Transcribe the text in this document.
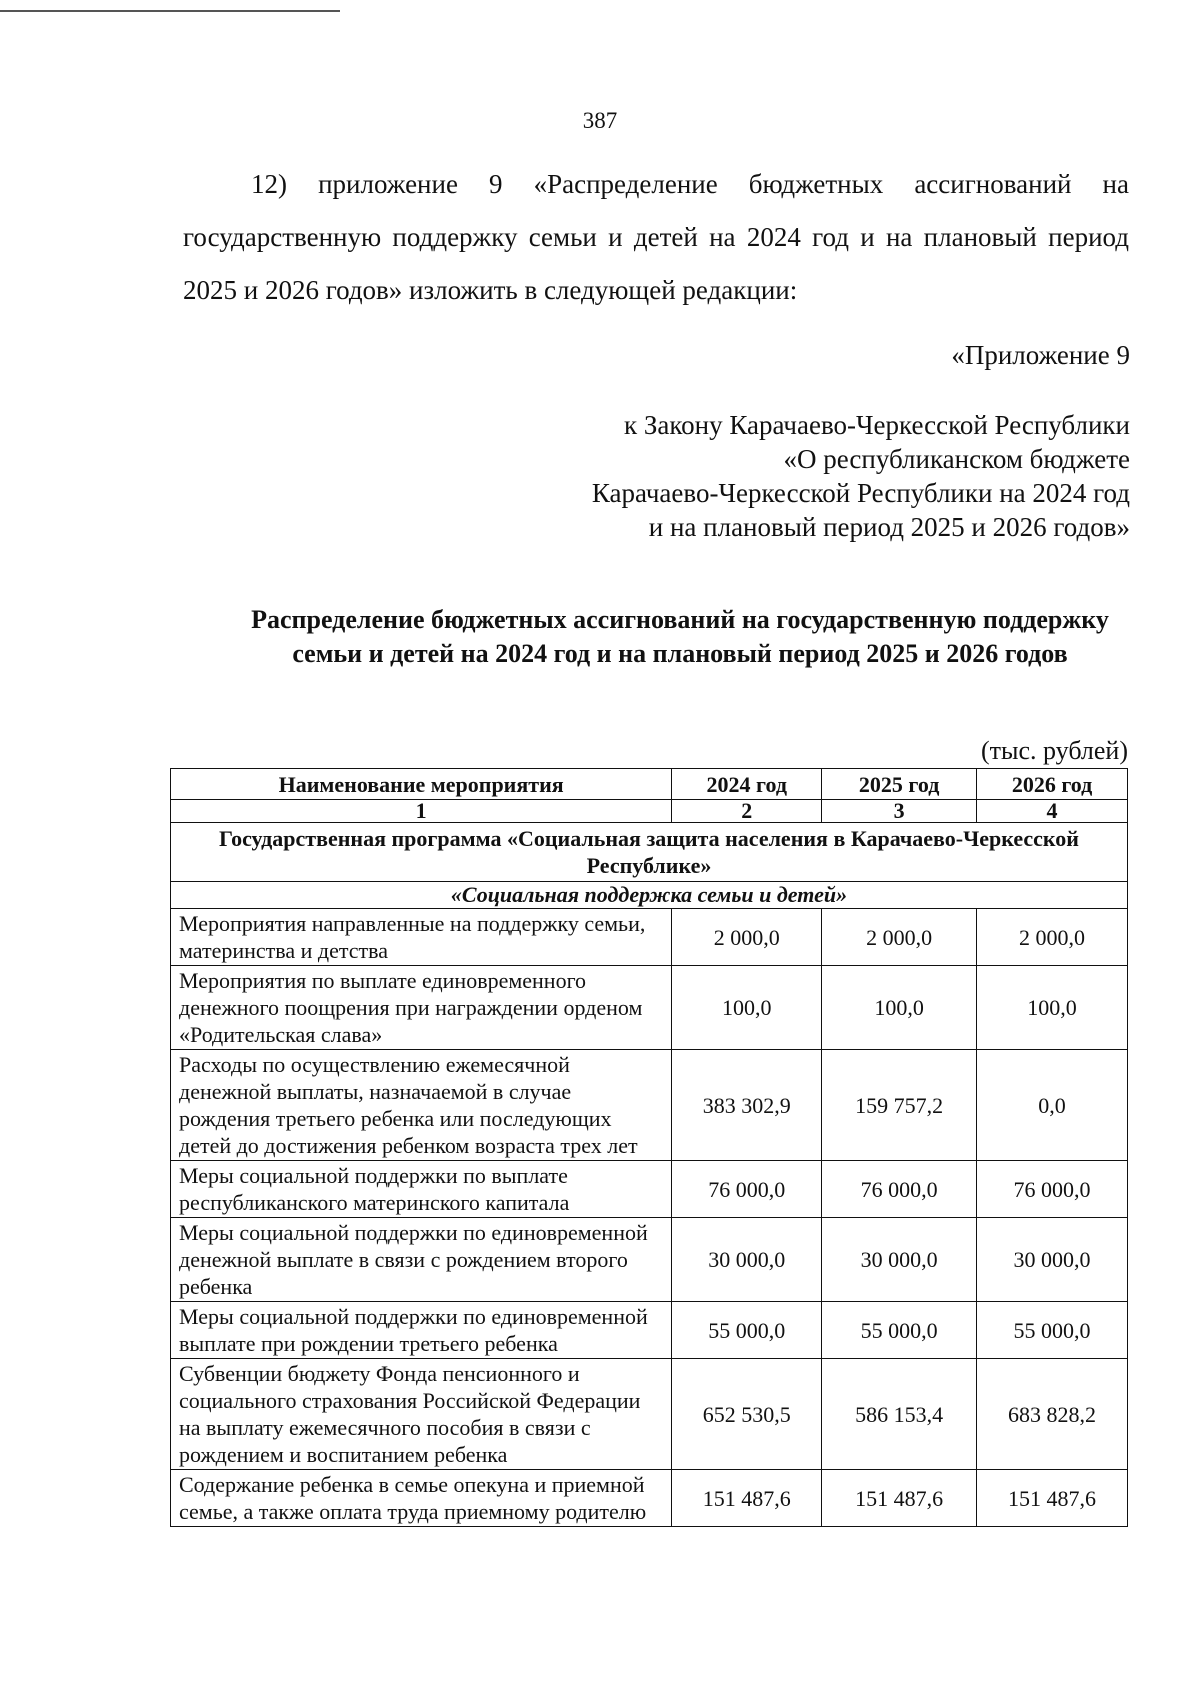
387

12) приложение 9 «Распределение бюджетных ассигнований на государственную поддержку семьи и детей на 2024 год и на плановый период 2025 и 2026 годов» изложить в следующей редакции:

«Приложение 9
к Закону Карачаево-Черкесской Республики
«О республиканском бюджете
Карачаево-Черкесской Республики на 2024 год
и на плановый период 2025 и 2026 годов»
Распределение бюджетных ассигнований на государственную поддержку семьи и детей на 2024 год и на плановый период 2025 и 2026 годов
(тыс. рублей)
Наименование мероприятия	2024 год	2025 год	2026 год
1	2	3	4
Государственная программа «Социальная защита населения в Карачаево-Черкесской Республике»			
«Социальная поддержка семьи и детей»			
Мероприятия направленные на поддержку семьи, материнства и детства	2 000,0	2 000,0	2 000,0
Мероприятия по выплате единовременного денежного поощрения при награждении орденом «Родительская слава»	100,0	100,0	100,0
Расходы по осуществлению ежемесячной денежной выплаты, назначаемой в случае рождения третьего ребенка или последующих детей до достижения ребенком возраста трех лет	383 302,9	159 757,2	0,0
Меры социальной поддержки по выплате республиканского материнского капитала	76 000,0	76 000,0	76 000,0
Меры социальной поддержки по единовременной денежной выплате в связи с рождением второго ребенка	30 000,0	30 000,0	30 000,0
Меры социальной поддержки по единовременной выплате при рождении третьего ребенка	55 000,0	55 000,0	55 000,0
Субвенции бюджету Фонда пенсионного и социального страхования Российской Федерации на выплату ежемесячного пособия в связи с рождением и воспитанием ребенка	652 530,5	586 153,4	683 828,2
Содержание ребенка в семье опекуна и приемной семье, а также оплата труда приемному родителю	151 487,6	151 487,6	151 487,6
